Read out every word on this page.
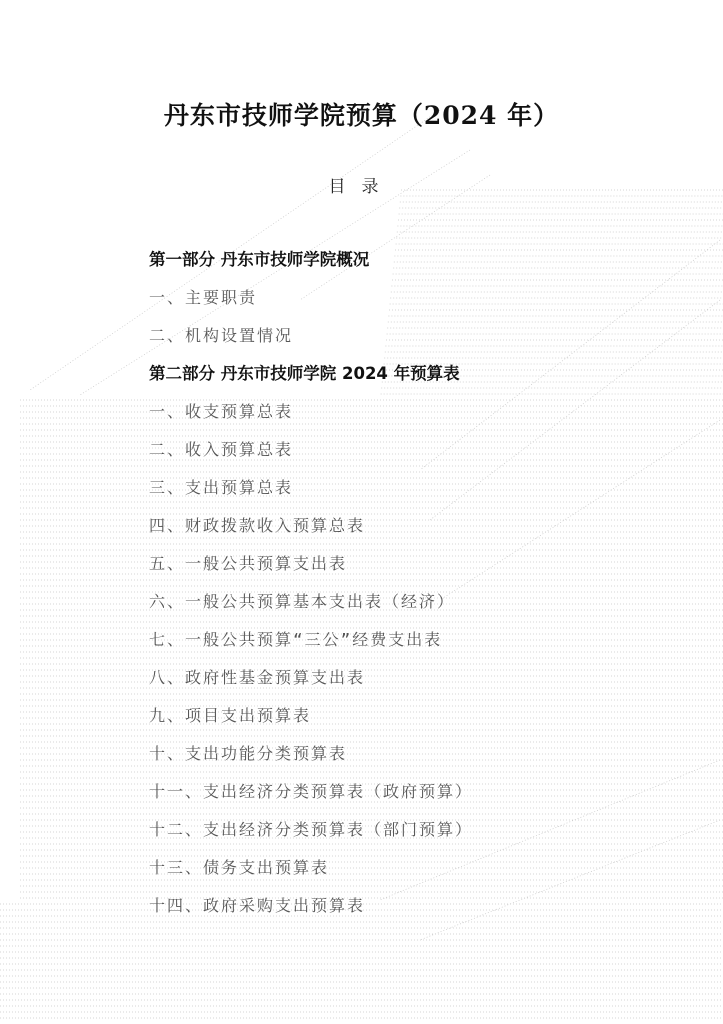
丹东市技师学院预算（2024 年）
目录
第一部分 丹东市技师学院概况
一、主要职责
二、机构设置情况
第二部分 丹东市技师学院 2024 年预算表
一、收支预算总表
二、收入预算总表
三、支出预算总表
四、财政拨款收入预算总表
五、一般公共预算支出表
六、一般公共预算基本支出表（经济）
七、一般公共预算“三公”经费支出表
八、政府性基金预算支出表
九、项目支出预算表
十、支出功能分类预算表
十一、支出经济分类预算表（政府预算）
十二、支出经济分类预算表（部门预算）
十三、债务支出预算表
十四、政府采购支出预算表
